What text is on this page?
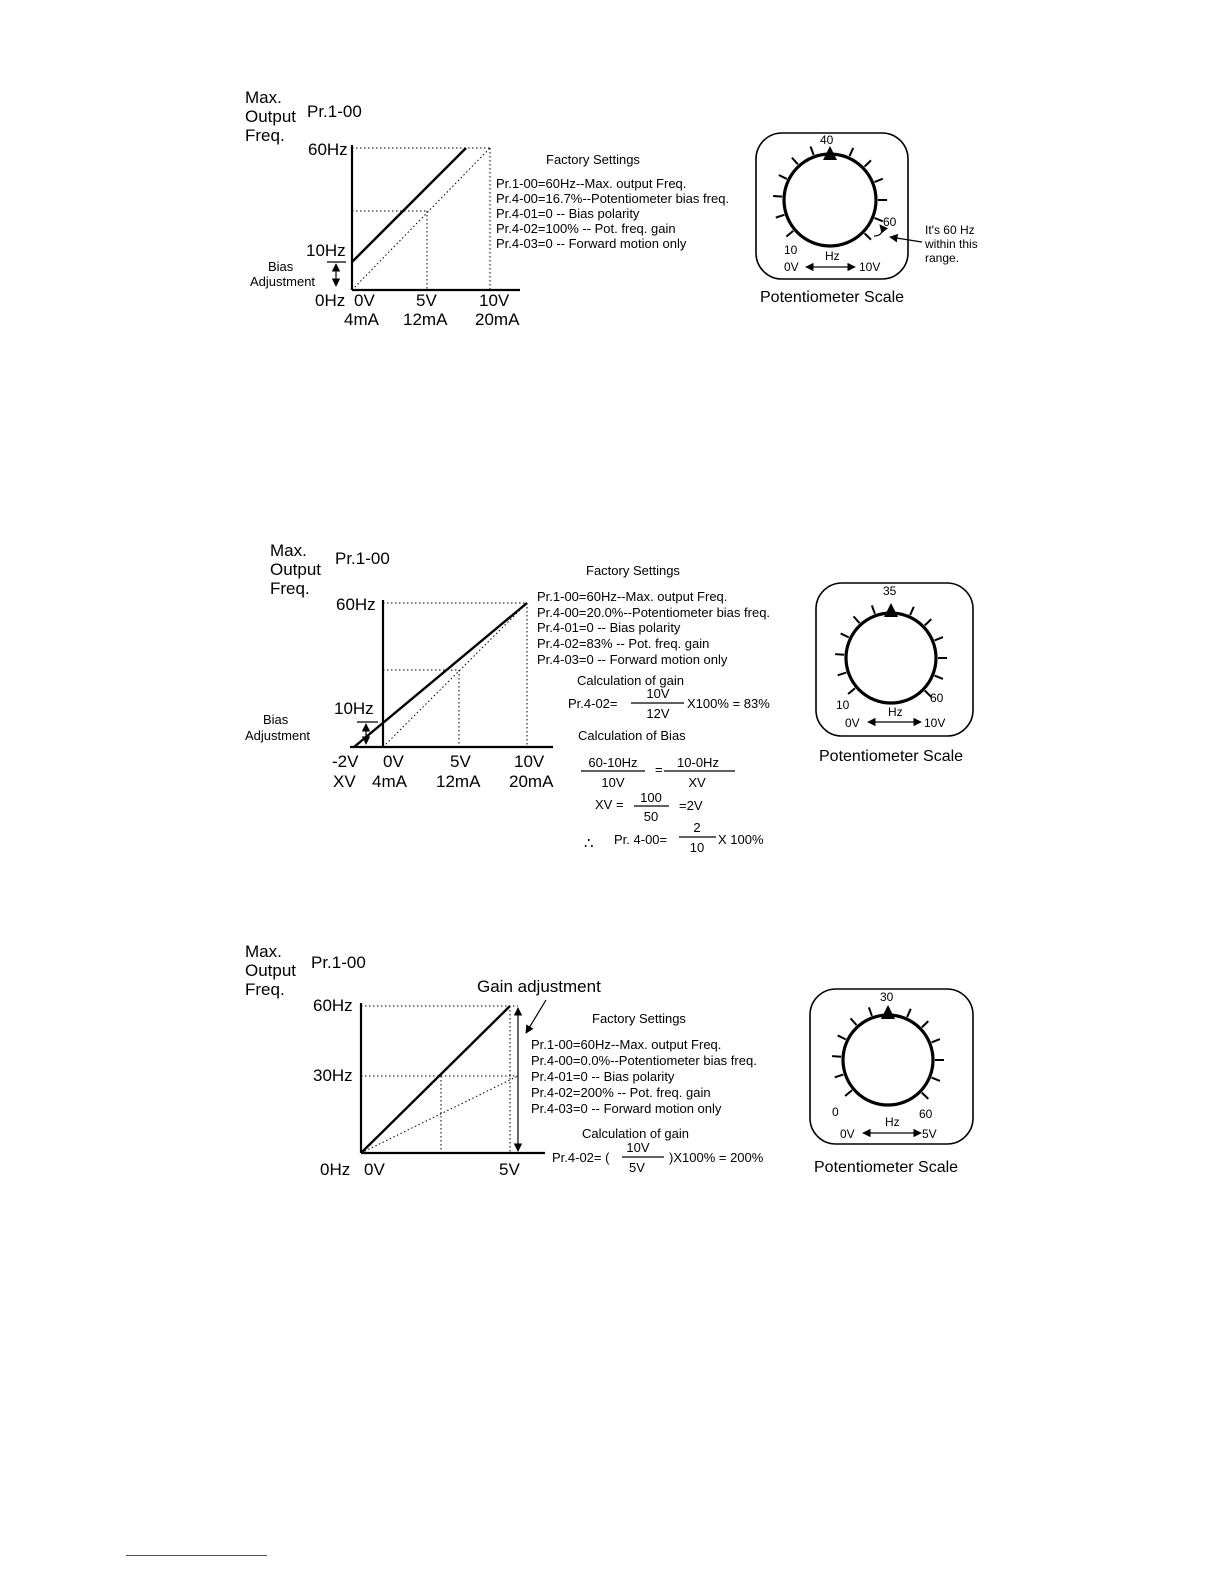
Max.
Output
Freq.
Pr.1-00
60Hz
10Hz
0Hz
Bias
Adjustment
0V 5V 10V
4mA 12mA 20mA
Factory Settings
Pr.1-00=60Hz--Max. output Freq.
Pr.4-00=16.7%--Potentiometer bias freq.
Pr.4-01=0 -- Bias polarity
Pr.4-02=100% -- Pot. freq. gain
Pr.4-03=0 -- Forward motion only
40
10
60
Hz
0V	10V
It's 60 Hz
within this
range.
Potentiometer Scale
Max.
Output
Freq.
Pr.1-00
60Hz
10Hz
Bias
Adjustment
-2V
XV
0V	5V	10V
4mA 12mA 20mA
Factory Settings
Pr.1-00=60Hz--Max. output Freq.
Pr.4-00=20.0%--Potentiometer bias freq.
Pr.4-01=0 -- Bias polarity
Pr.4-02=83% -- Pot. freq. gain
Pr.4-03=0 -- Forward motion only
Calculation of gain
Pr.4-02=
10V
12V
X100% = 83%
Calculation of Bias
60-10Hz
10V
= 10-0Hz
XV
XV = 100
50
=2V
∴ Pr. 4-00=
2
10
X 100%
35
10	60
Hz
0V	10V
Potentiometer Scale
Max.
Output
Freq.
Pr.1-00
Gain adjustment
60Hz
30Hz
0Hz 0V	5V
Factory Settings
Pr.1-00=60Hz--Max. output Freq.
Pr.4-00=0.0%--Potentiometer bias freq.
Pr.4-01=0 -- Bias polarity
Pr.4-02=200% -- Pot. freq. gain
Pr.4-03=0 -- Forward motion only
Calculation of gain
Pr.4-02= (
10V
5V
)X100% = 200%
30
0	60
Hz
0V	5V
Potentiometer Scale
